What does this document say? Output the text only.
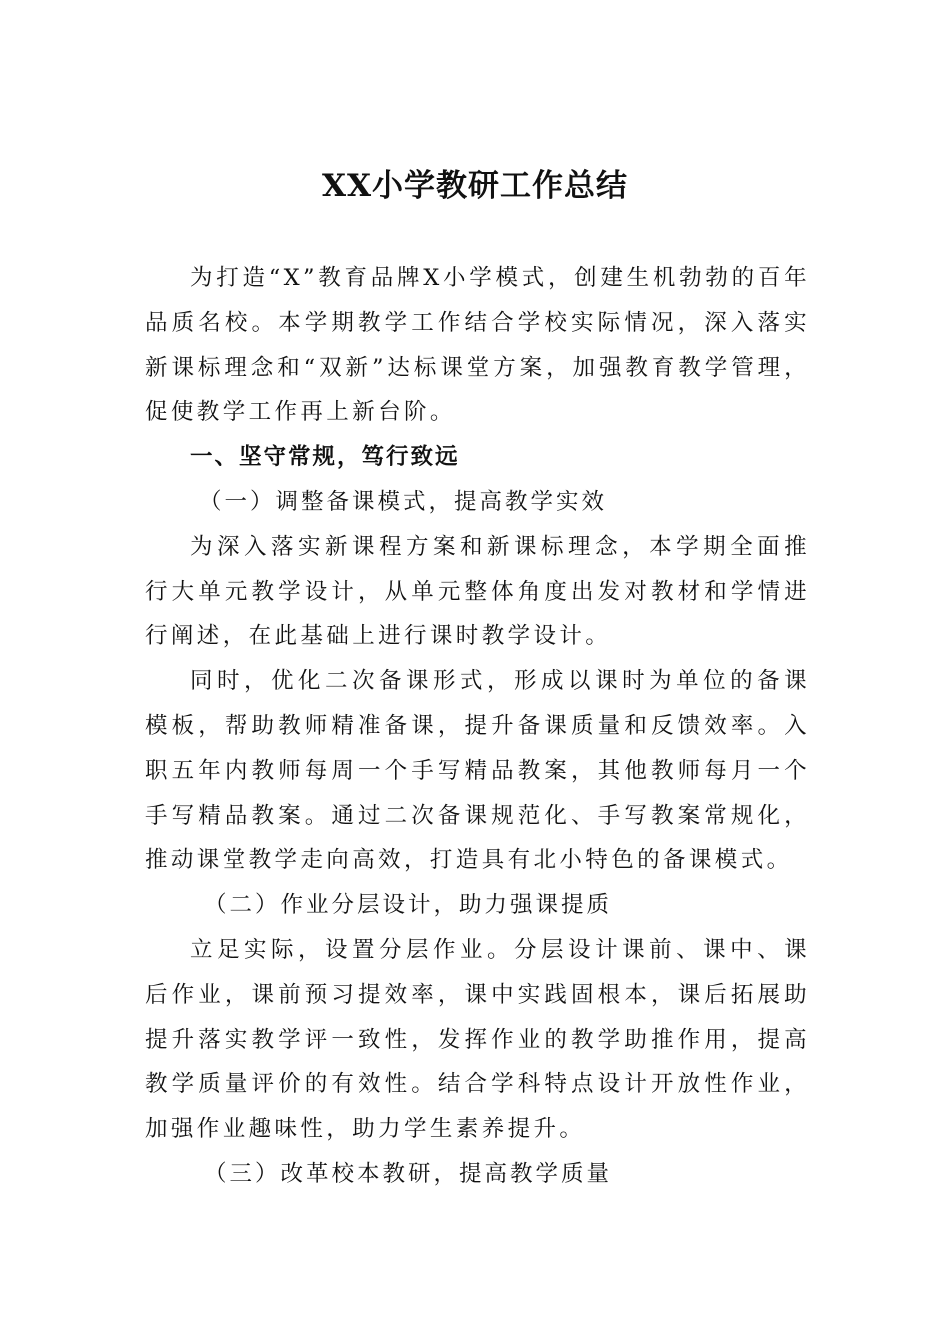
XX小学教研工作总结

为打造“X”教育品牌X小学模式，创建生机勃勃的百年品质名校。本学期教学工作结合学校实际情况，深入落实新课标理念和“双新”达标课堂方案，加强教育教学管理，促使教学工作再上新台阶。

一、坚守常规，笃行致远

（一）调整备课模式，提高教学实效

为深入落实新课程方案和新课标理念，本学期全面推行大单元教学设计，从单元整体角度出发对教材和学情进行阐述，在此基础上进行课时教学设计。

同时，优化二次备课形式，形成以课时为单位的备课模板，帮助教师精准备课，提升备课质量和反馈效率。入职五年内教师每周一个手写精品教案，其他教师每月一个手写精品教案。通过二次备课规范化、手写教案常规化，推动课堂教学走向高效，打造具有北小特色的备课模式。

（二）作业分层设计，助力强课提质

立足实际，设置分层作业。分层设计课前、课中、课后作业，课前预习提效率，课中实践固根本，课后拓展助提升落实教学评一致性，发挥作业的教学助推作用，提高教学质量评价的有效性。结合学科特点设计开放性作业，加强作业趣味性，助力学生素养提升。

（三）改革校本教研，提高教学质量
